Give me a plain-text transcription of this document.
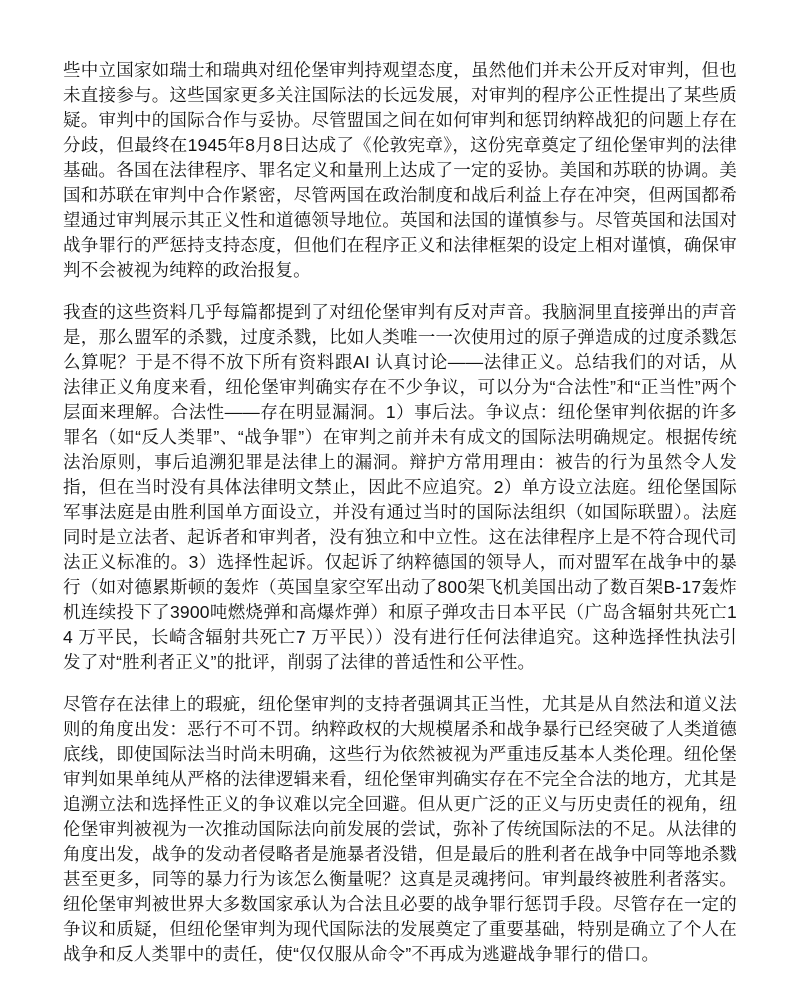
些中立国家如瑞士和瑞典对纽伦堡审判持观望态度，虽然他们并未公开反对审判，但也未直接参与。这些国家更多关注国际法的长远发展，对审判的程序公正性提出了某些质疑。审判中的国际合作与妥协。尽管盟国之间在如何审判和惩罚纳粹战犯的问题上存在分歧，但最终在1945年8月8日达成了《伦敦宪章》，这份宪章奠定了纽伦堡审判的法律基础。各国在法律程序、罪名定义和量刑上达成了一定的妥协。美国和苏联的协调。美国和苏联在审判中合作紧密，尽管两国在政治制度和战后利益上存在冲突，但两国都希望通过审判展示其正义性和道德领导地位。英国和法国的谨慎参与。尽管英国和法国对战争罪行的严惩持支持态度，但他们在程序正义和法律框架的设定上相对谨慎，确保审判不会被视为纯粹的政治报复。

我查的这些资料几乎每篇都提到了对纽伦堡审判有反对声音。我脑洞里直接弹出的声音是，那么盟军的杀戮，过度杀戮，比如人类唯一一次使用过的原子弹造成的过度杀戮怎么算呢？于是不得不放下所有资料跟AI 认真讨论——法律正义。总结我们的对话，从法律正义角度来看，纽伦堡审判确实存在不少争议，可以分为“合法性”和“正当性”两个层面来理解。合法性——存在明显漏洞。1）事后法。争议点：纽伦堡审判依据的许多罪名（如“反人类罪”、“战争罪”）在审判之前并未有成文的国际法明确规定。根据传统法治原则，事后追溯犯罪是法律上的漏洞。辩护方常用理由：被告的行为虽然令人发指，但在当时没有具体法律明文禁止，因此不应追究。2）单方设立法庭。纽伦堡国际军事法庭是由胜利国单方面设立，并没有通过当时的国际法组织（如国际联盟）。法庭同时是立法者、起诉者和审判者，没有独立和中立性。这在法律程序上是不符合现代司法正义标准的。3）选择性起诉。仅起诉了纳粹德国的领导人，而对盟军在战争中的暴行（如对德累斯顿的轰炸（英国皇家空军出动了800架飞机美国出动了数百架B-17轰炸机连续投下了3900吨燃烧弹和高爆炸弹）和原子弹攻击日本平民（广岛含辐射共死亡14 万平民，长崎含辐射共死亡7 万平民））没有进行任何法律追究。这种选择性执法引发了对“胜利者正义”的批评，削弱了法律的普适性和公平性。

尽管存在法律上的瑕疵，纽伦堡审判的支持者强调其正当性，尤其是从自然法和道义法则的角度出发：恶行不可不罚。纳粹政权的大规模屠杀和战争暴行已经突破了人类道德底线，即使国际法当时尚未明确，这些行为依然被视为严重违反基本人类伦理。纽伦堡审判如果单纯从严格的法律逻辑来看，纽伦堡审判确实存在不完全合法的地方，尤其是追溯立法和选择性正义的争议难以完全回避。但从更广泛的正义与历史责任的视角，纽伦堡审判被视为一次推动国际法向前发展的尝试，弥补了传统国际法的不足。从法律的角度出发，战争的发动者侵略者是施暴者没错，但是最后的胜利者在战争中同等地杀戮甚至更多，同等的暴力行为该怎么衡量呢？这真是灵魂拷问。审判最终被胜利者落实。纽伦堡审判被世界大多数国家承认为合法且必要的战争罪行惩罚手段。尽管存在一定的争议和质疑，但纽伦堡审判为现代国际法的发展奠定了重要基础，特别是确立了个人在战争和反人类罪中的责任，使“仅仅服从命令”不再成为逃避战争罪行的借口。
